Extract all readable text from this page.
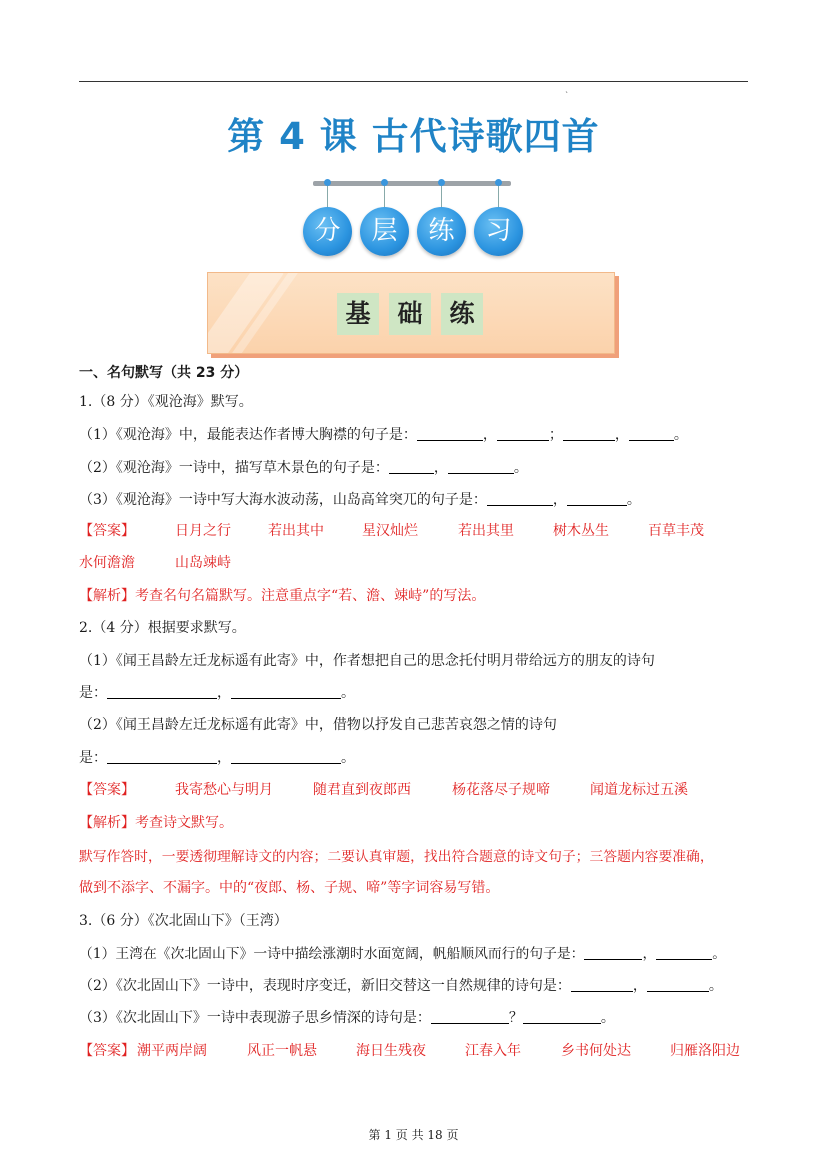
`
第 4 课 古代诗歌四首
分	层	练	习
基	础	练
一、名句默写（共 23 分）
1.（8 分）《观沧海》默写。
（1）《观沧海》中，最能表达作者博大胸襟的句子是：	，	；	，	。
（2）《观沧海》一诗中，描写草木景色的句子是：	，	。
（3）《观沧海》一诗中写大海水波动荡，山岛高耸突兀的句子是：	，	。
【答案】	日月之行	若出其中	星汉灿烂	若出其里	树木丛生	百草丰茂
水何澹澹	山岛竦峙
【解析】考查名句名篇默写。注意重点字“若、澹、竦峙”的写法。
2.（4 分）根据要求默写。
（1）《闻王昌龄左迁龙标遥有此寄》中，作者想把自己的思念托付明月带给远方的朋友的诗句
是：	，	。
（2）《闻王昌龄左迁龙标遥有此寄》中，借物以抒发自己悲苦哀怨之情的诗句
是：	，	。
【答案】	我寄愁心与明月	随君直到夜郎西	杨花落尽子规啼	闻道龙标过五溪
【解析】考查诗文默写。
默写作答时，一要透彻理解诗文的内容；二要认真审题，找出符合题意的诗文句子；三答题内容要准确，
做到不添字、不漏字。中的“夜郎、杨、子规、啼”等字词容易写错。
3.（6 分）《次北固山下》（王湾）
（1）王湾在《次北固山下》一诗中描绘涨潮时水面宽阔，帆船顺风而行的句子是：	，	。
（2）《次北固山下》一诗中，表现时序变迁，新旧交替这一自然规律的诗句是：	，	。
（3）《次北固山下》一诗中表现游子思乡情深的诗句是：	？	。
【答案】 潮平两岸阔	风正一帆悬	海日生残夜	江春入年	乡书何处达	归雁洛阳边
第 1 页 共 18 页
